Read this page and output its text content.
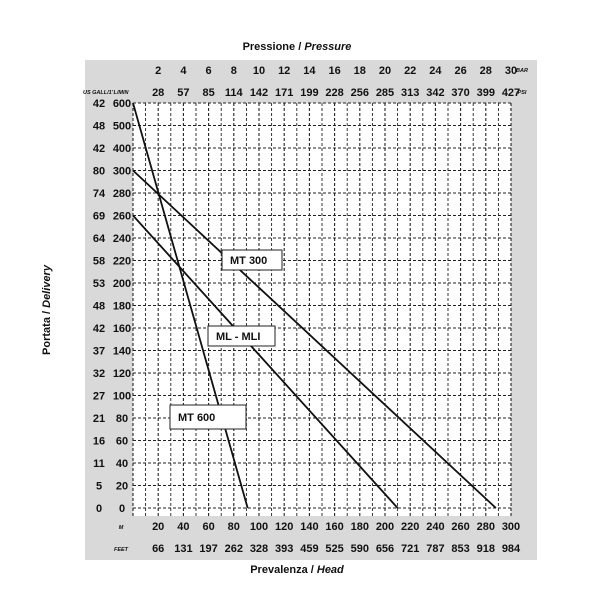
Pressione / Pressure
Prevalenza / Head
Portata / Delivery
BAR
PSI
US GALL/1' L/MIN
M
FEET
20 40 60 80 100 120 140 160 180 200 220 240 260 280 300
66 131 197 262 328 393 459 525 590 656 721 787 853 918 984
2 4 6 8 10 12 14 16 18 20 22 24 26 28 30
28 57 85 114 142 171 199 228 256 285 313 342 370 399 427
600
500
400
300
280
260
240
220
200
180
160
140
120
100
80
60
40
20
0
42
48
42
80
74
69
64
58
53
48
42
37
32
27
21
16
11
5
0
MT 300
ML - MLI
MT 600
